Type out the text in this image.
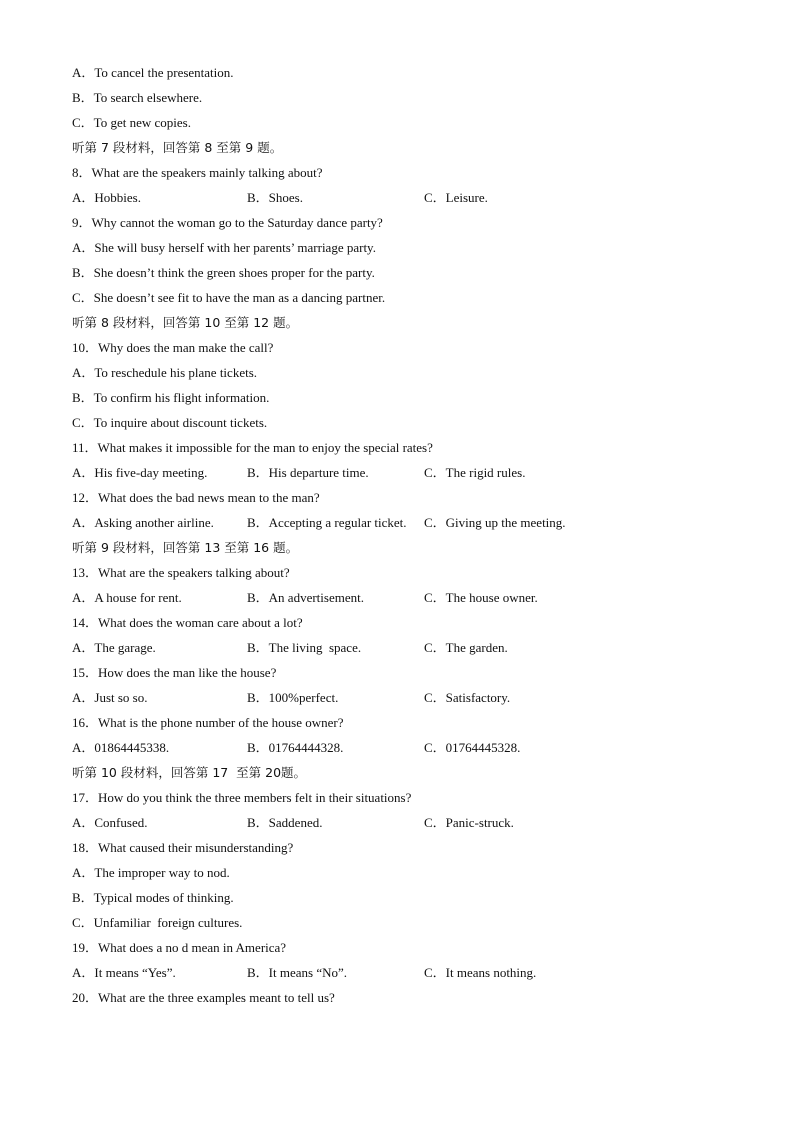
A．To cancel the presentation.
B．To search elsewhere.
C．To get new copies.
听第 7 段材料，回答第 8 至第 9 题。
8．What are the speakers mainly talking about?
A．Hobbies.	B．Shoes.	C．Leisure.
9．Why cannot the woman go to the Saturday dance party?
A．She will busy herself with her parents’ marriage party.
B．She doesn’t think the green shoes proper for the party.
C．She doesn’t see fit to have the man as a dancing partner.
听第 8 段材料，回答第 10 至第 12 题。
10．Why does the man make the call?
A．To reschedule his plane tickets.
B．To confirm his flight information.
C．To inquire about discount tickets.
11．What makes it impossible for the man to enjoy the special rates?
A．His five-day meeting.	B．His departure time.	C．The rigid rules.
12．What does the bad news mean to the man?
A．Asking another airline.	B．Accepting a regular ticket.	C．Giving up the meeting.
听第 9 段材料，回答第 13 至第 16 题。
13．What are the speakers talking about?
A．A house for rent.	B．An advertisement.	C．The house owner.
14．What does the woman care about a lot?
A．The garage.	B．The living  space.	C．The garden.
15．How does the man like the house?
A．Just so so.	B．100%perfect.	C．Satisfactory.
16．What is the phone number of the house owner?
A．01864445338.	B．01764444328.	C．01764445328.
听第 10 段材料，回答第 17  至第 20题。
17．How do you think the three members felt in their situations?
A．Confused.	B．Saddened.	C．Panic-struck.
18．What caused their misunderstanding?
A．The improper way to nod.
B．Typical modes of thinking.
C．Unfamiliar  foreign cultures.
19．What does a no d mean in America?
A．It means “Yes”.	B．It means “No”.	C．It means nothing.
20．What are the three examples meant to tell us?
